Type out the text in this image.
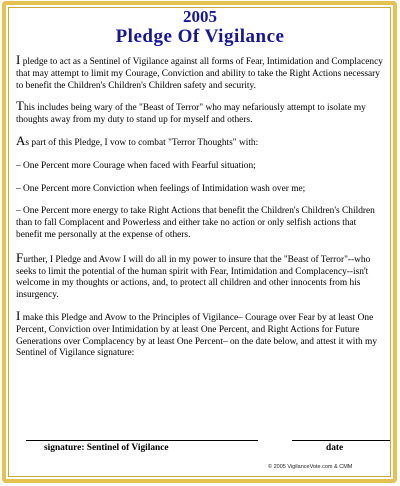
2005
Pledge Of Vigilance

I pledge to act as a Sentinel of Vigilance against all forms of Fear, Intimidation and Complacency that may attempt to limit my Courage, Conviction and ability to take the Right Actions necessary to benefit the Children's Children's Children safety and security.

This includes being wary of the "Beast of Terror" who may nefariously attempt to isolate my thoughts away from my duty to stand up for myself and others.

As part of this Pledge, I vow to combat "Terror Thoughts" with:

– One Percent more Courage when faced with Fearful situation;
– One Percent more Conviction when feelings of Intimidation wash over me;
– One Percent more energy to take Right Actions that benefit the Children's Children's Children than to fall Complacent and Powerless and either take no action or only selfish actions that benefit me personally at the expense of others.

Further, I Pledge and Avow I will do all in my power to insure that the "Beast of Terror"--who seeks to limit the potential of the human spirit with Fear, Intimidation and Complacency--isn't welcome in my thoughts or actions, and, to protect all children and other innocents from his insurgency.

I make this Pledge and Avow to the Principles of Vigilance– Courage over Fear by at least One Percent, Conviction over Intimidation by at least One Percent, and Right Actions for Future Generations over Complacency by at least One Percent– on the date below, and attest it with my Sentinel of Vigilance signature:

signature: Sentinel of Vigilance	date
© 2005 VigilanceVote.com & CMM
